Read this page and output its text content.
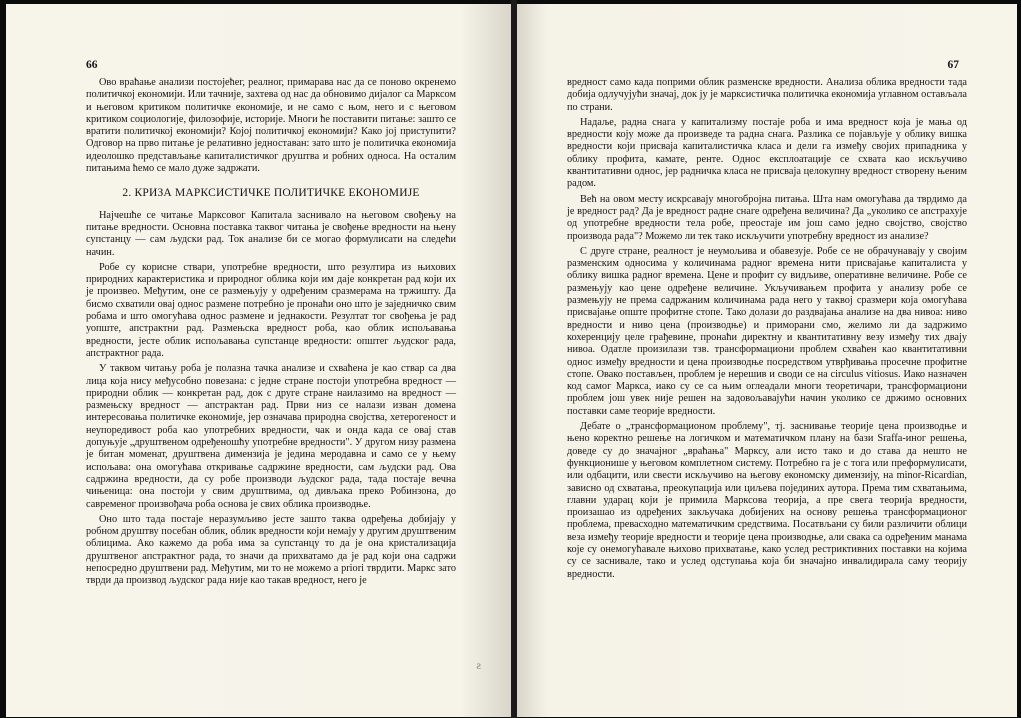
66

Ово враћање анализи постојећег, реалног, примарава нас да се поново окренемо политичкој економији. Или тачније, захтева од нас да обновимо дијалог са Марксом и његовом критиком политичке економије, и не само с њом, него и с његовом критиком социологије, филозофије, историје. Многи ће поставити питање: зашто се вратити политичкој економији? Којој политичкој економији? Како јој приступити? Одговор на прво питање је релативно једноставан: зато што је политичка економија идеолошко представљање капиталистичког друштва и робних односа. На осталим питањима ћемо се мало дуже задржати.

2. КРИЗА МАРКСИСТИЧКЕ ПОЛИТИЧКЕ ЕКОНОМИЈЕ

Најчешће се читање Марксовог Капитала заснивало на његовом свођењу на питање вредности. Основна поставка таквог читања је свођење вредности на њену супстанцу — сам људски рад. Ток анализе би се могао формулисати на следећи начин.

Робе су корисне ствари, употребне вредности, што резултира из њихових природних карактеристика и природног облика који им даје конкретан рад који их је произвео. Међутим, оне се размењују у одређеним сразмерама на тржишту. Да бисмо схватили овај однос размене потребно је пронаћи оно што је заједничко свим робама и што омогућава однос размене и једнакости. Резултат тог свођења је рад уопште, апстрактни рад. Размењска вредност роба, као облик испољавања вредности, јесте облик испољавања супстанце вредности: општег људског рада, апстрактног рада.

У таквом читању роба је полазна тачка анализе и схваћена је као ствар са два лица која нису међусобно повезана: с једне стране постоји употребна вредност — природни облик — конкретан рад, док с друге стране наилазимо на вредност — размењску вредност — апстрактан рад. Први низ се налази изван домена интересовања политичке економије, јер означава природна својства, хетерогеност и неупоредивост роба као употребних вредности, чак и онда када се овај став допуњује „друштвеном одређеношћу употребне вредности". У другом низу размена је битан моменат, друштвена димензија је једина меродавна и само се у њему испољава: она омогућава откривање садржине вредности, сам људски рад. Ова садржина вредности, да су робе производи људског рада, тада постаје вечна чињеница: она постоји у свим друштвима, од дивљака преко Робинзона, до савременог произвођача роба основа је свих облика производње.

Оно што тада постаје неразумљиво јесте зашто таква одређења добијају у робном друштву посебан облик, облик вредности који немају у другим друштвеним облицима. Ако кажемо да роба има за супстанцу то да је она кристализација друштвеног апстрактног рада, то значи да прихватамо да је рад који она садржи непосредно друштвени рад. Међутим, ми то не можемо а priori тврдити. Маркс зато тврди да производ људског рада није као такав вредност, него је

ƨ
67

вредност само када поприми облик разменске вредности. Анализа облика вредности тада добија одлучујући значај, док ју је марксистичка политичка економија углавном остављала по страни.

Надаље, радна снага у капитализму постаје роба и има вредност која је мања од вредности коју може да произведе та радна снага. Разлика се појављује у облику вишка вредности који присваја капиталистичка класа и дели га између својих припадника у облику профита, камате, ренте. Однос експлоатације се схвата као искључиво квантитативни однос, јер радничка класа не присваја целокупну вредност створену њеним радом.

Већ на овом месту искрсавају многобројна питања. Шта нам омогућава да тврдимо да је вредност рад? Да је вредност радне снаге одређена величина? Да „уколико се апстрахује од употребне вредности тела робе, преостаје им још само једно својство, својство производа рада"? Можемо ли тек тако искључити употребну вредност из анализе?

С друге стране, реалност је неумољива и обавезује. Робе се не обрачунавају у својим разменским односима у количинама радног времена нити присвајање капиталиста у облику вишка радног времена. Цене и профит су видљиве, оперативне величине. Робе се размењују као цене одређене величине. Укључивањем профита у анализу робе се размењују не према садржаним количинама рада него у таквој сразмери која омогућава присвајање опште профитне стопе. Тако долази до раздвајања анализе на два нивоа: ниво вредности и ниво цена (производње) и приморани смо, желимо ли да задржимо кохеренцију целе грађевине, пронаћи директну и квантитативну везу између тих двају нивоа. Одатле произилази тзв. трансформациони проблем схваћен као квантитативни однос између вредности и цена производње посредством утврђивања просечне профитне стопе. Овако постављен, проблем је нерешив и своди се на circulus vitiosus. Иако назначен код самог Маркса, иако су се са њим оглеадали многи теоретичари, трансформациони проблем још увек није решен на задовољавајући начин уколико се држимо основних поставки саме теорије вредности.

Дебате о „трансформационом проблему", тј. заснивање теорије цена производње и њено коректно решење на логичком и математичком плану на бази Sraffa-иног решења, доведе су до значајног „враћања" Марксу, али исто тако и до става да нешто не функционише у његовом комплетном систему. Потребно га је с тога или преформулисати, или одбацити, или свести искључиво на његову економску димензију, на minor-Ricardian, зависно од схватања, преокупација или циљева појединих аутора. Према тим схватањима, главни ударац који је примила Марксова теорија, а пре свега теорија вредности, произашао из одређених закључака добијених на основу решења трансформационог проблема, превасходно математичким средствима. Посатвљани су били различити облици веза између теорије вредности и теорије цена производње, али свака са одређеним манама које су онемогућавале њихово прихватање, како услед рестриктивних поставки на којима су се заснивале, тако и услед одступања која би значајно инвалидирала саму теорију вредности.
